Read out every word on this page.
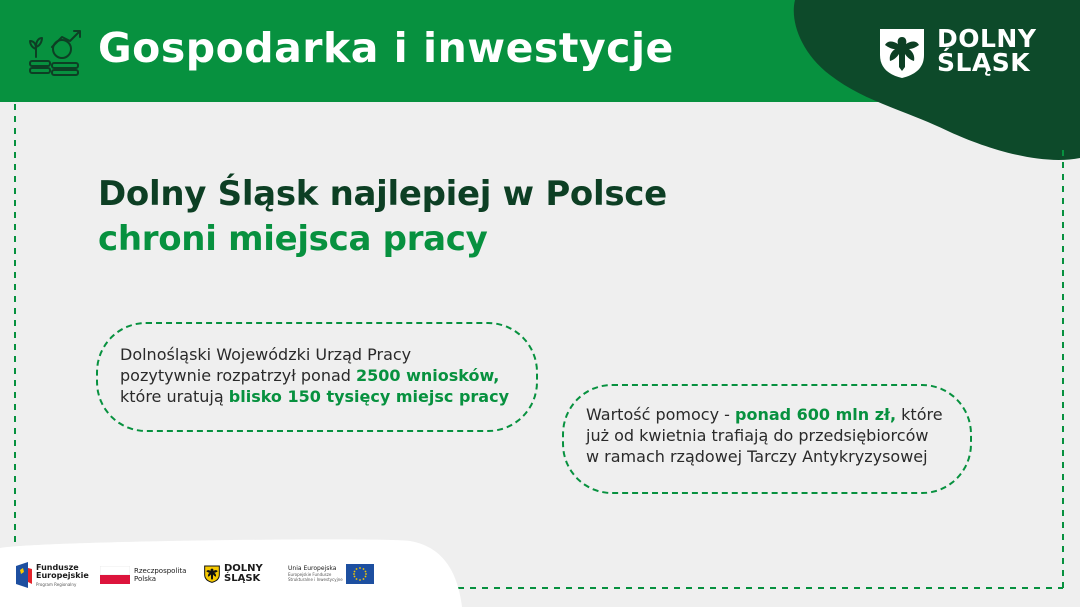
Gospodarka i inwestycje	DOLNY
ŚLĄSK
Dolny Śląsk najlepiej w Polsce
chroni miejsca pracy
Dolnośląski Wojewódzki Urząd Pracy
pozytywnie rozpatrzył ponad 2500 wniosków,
które uratują blisko 150 tysięcy miejsc pracy
Wartość pomocy - ponad 600 mln zł, które
już od kwietnia trafiają do przedsiębiorców
w ramach rządowej Tarczy Antykryzysowej
Fundusze
Europejskie
Program Regionalny
Rzeczpospolita
Polska
DOLNY
ŚLĄSK
Unia Europejska
Europejskie Fundusze
Strukturalne i Inwestycyjne
